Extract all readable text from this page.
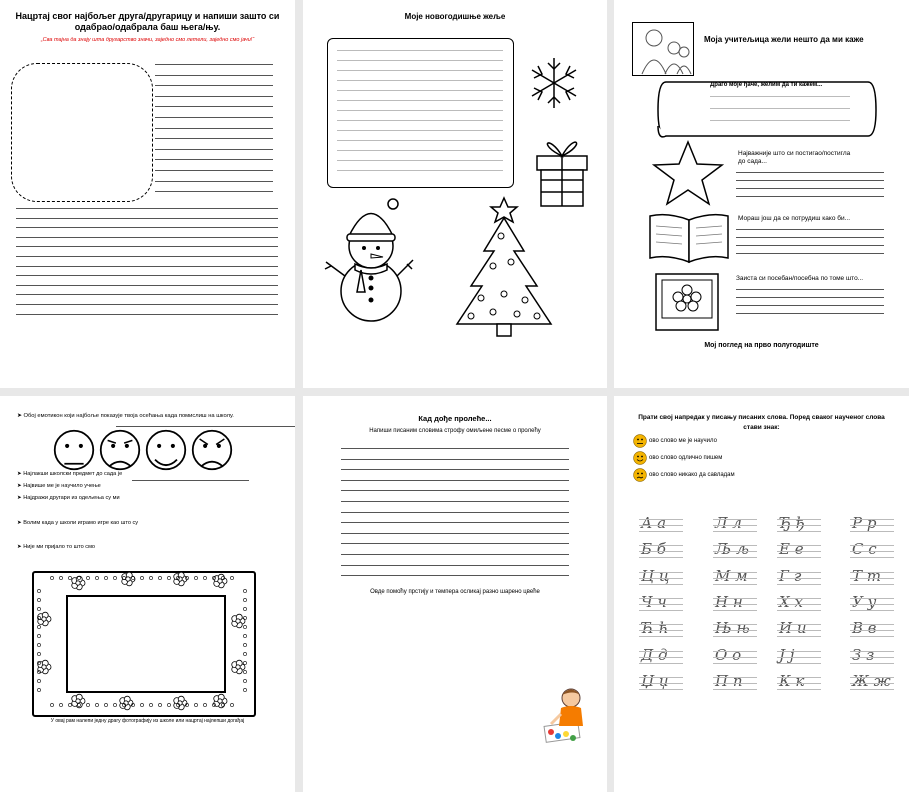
Нацртај свог најбољег друга/другарицу и напиши зашто си
одабрао/одабрала баш њега/њу.
„Сва тајна да знају шта другарство значи, заједно смо летели, заједно смо јачи!“
Моје новогодишње жеље
Моја учитељица жели нешто да ми каже
Драго моје ђаче, желим да ти кажем...
Најважније што си постигао/постигла
до сада...
Мораш још да се потрудиш како би...
Заиста си посебан/посебна по томе што...
Мој поглед на прво полугодиште
➤ Обој емотикон који најбоље показује твоја осећања када помислиш на школу.
➤ Најлакши школски предмет до сада је
➤ Највише ме је научило учење
➤ Најдражи другари из одељења су ми
➤ Волим када у школи играмо игре као што су
➤ Није ми пријало то што смо
У овај рам налепи једну драгу фотографију из школе или нацртај најлепши догађај
Кад дође пролеће...
Напиши писаним словима строфу омиљене песме о пролећу
Овде помоћу прстију и темпера осликај разно шарено цвеће
Прати свој напредак у писању писаних слова. Поред сваког наученог слова
стави знак:
ово слово ме је научило
ово слово одлично пишем
ово слово никако да савладам
А а
Б б
Ц ц
Ч ч
Ћ ћ
Д д
Џ џ
Л л
Љ љ
М м
Н н
Њ њ
О о
П п
Ђ ђ
Е е
Г г
Х х
И и
Ј ј
К к
Р р
С с
Т т
У у
В в
З з
Ж ж
